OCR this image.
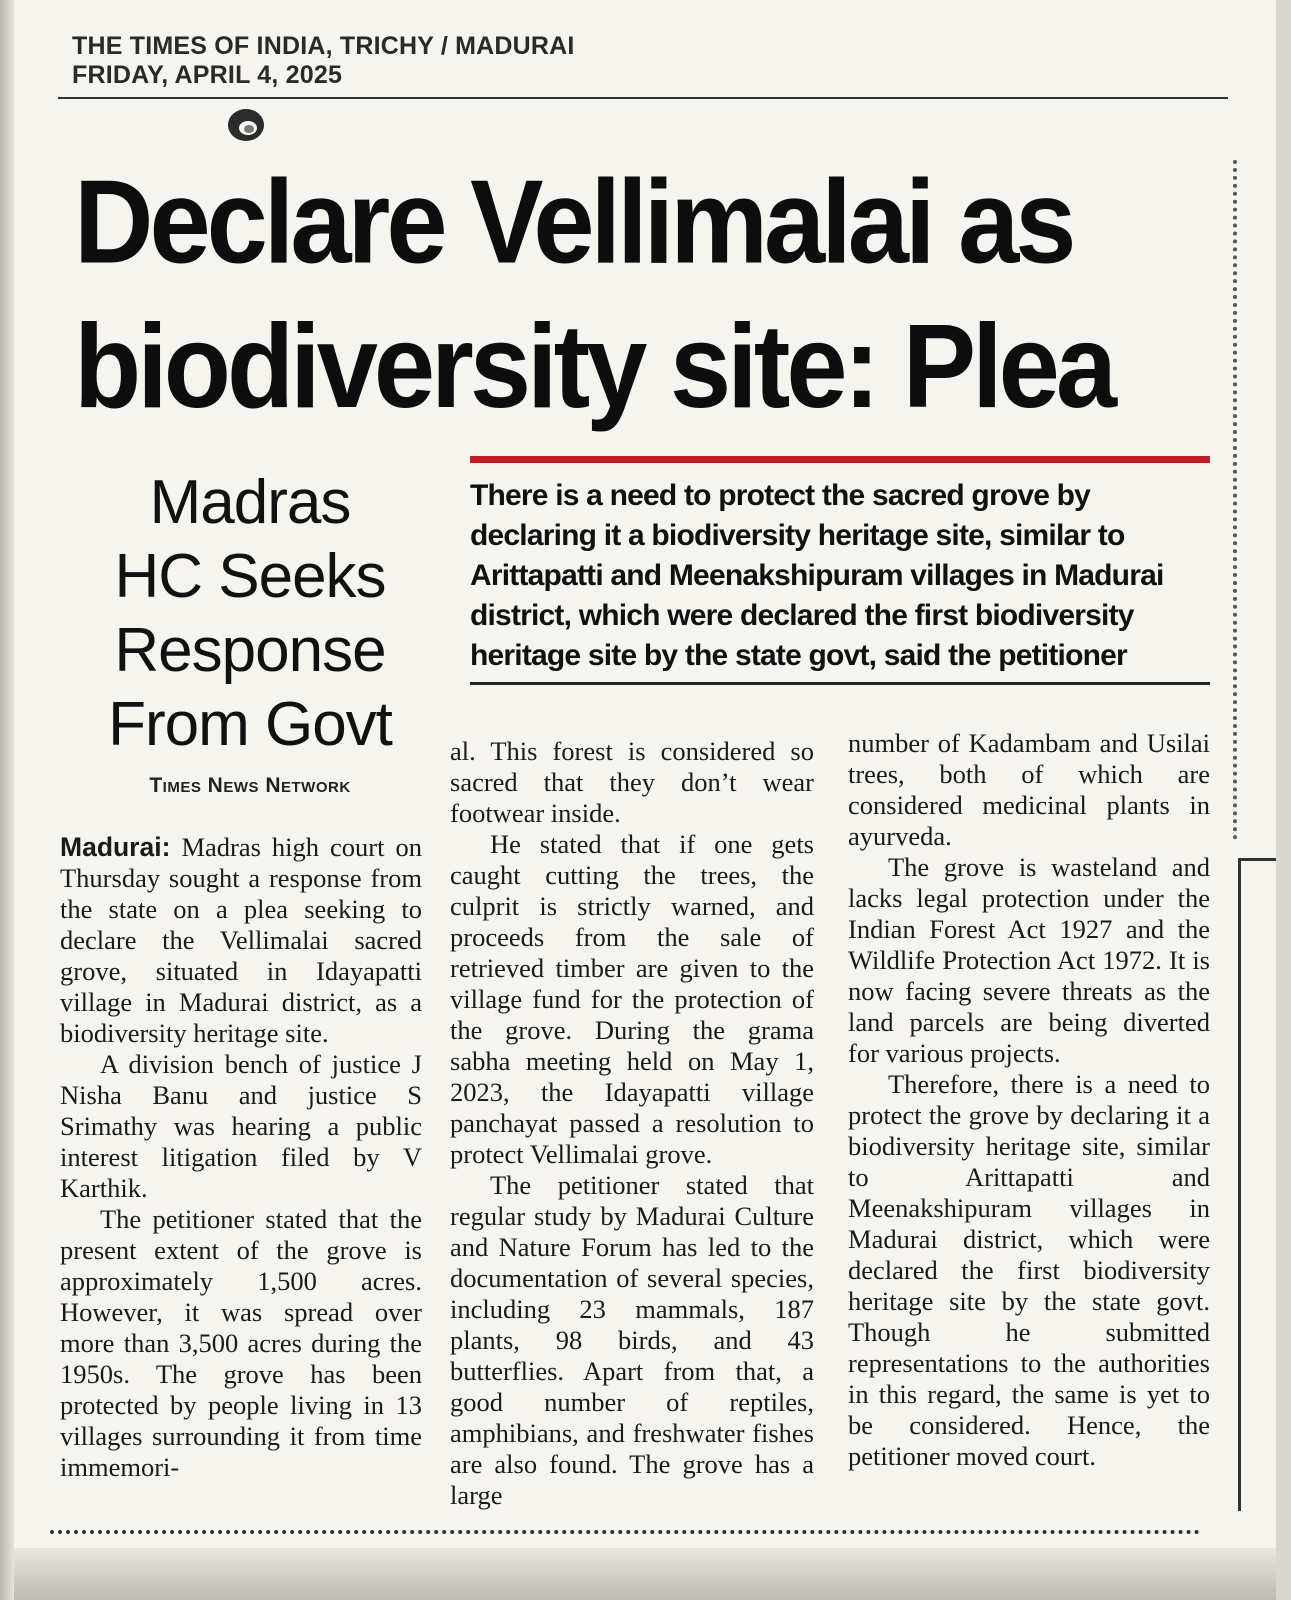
THE TIMES OF INDIA, TRICHY / MADURAI
FRIDAY, APRIL 4, 2025
Declare Vellimalai as
biodiversity site: Plea
Madras
HC Seeks
Response
From Govt
Times News Network
There is a need to protect the sacred grove by declaring it a biodiversity heritage site, similar to Arittapatti and Meenakshipuram villages in Madurai district, which were declared the first biodiversity heritage site by the state govt, said the petitioner

Madurai: Madras high court on Thursday sought a response from the state on a plea seeking to declare the Vellimalai sacred grove, situated in Idayapatti village in Madurai district, as a biodiversity heritage site.

A division bench of justice J Nisha Banu and justice S Srimathy was hearing a public interest litigation filed by V Karthik.

The petitioner stated that the present extent of the grove is approximately 1,500 acres. However, it was spread over more than 3,500 acres during the 1950s. The grove has been protected by people living in 13 villages surrounding it from time immemori-

al. This forest is considered so sacred that they don’t wear footwear inside.

He stated that if one gets caught cutting the trees, the culprit is strictly warned, and proceeds from the sale of retrieved timber are given to the village fund for the protection of the grove. During the grama sabha meeting held on May 1, 2023, the Idayapatti village panchayat passed a resolution to protect Vellimalai grove.

The petitioner stated that regular study by Madurai Culture and Nature Forum has led to the documentation of several species, including 23 mammals, 187 plants, 98 birds, and 43 butterflies. Apart from that, a good number of reptiles, amphibians, and freshwater fishes are also found. The grove has a large

number of Kadambam and Usilai trees, both of which are considered medicinal plants in ayurveda.

The grove is wasteland and lacks legal protection under the Indian Forest Act 1927 and the Wildlife Protection Act 1972. It is now facing severe threats as the land parcels are being diverted for various projects.

Therefore, there is a need to protect the grove by declaring it a biodiversity heritage site, similar to Arittapatti and Meenakshipuram villages in Madurai district, which were declared the first biodiversity heritage site by the state govt. Though he submitted representations to the authorities in this regard, the same is yet to be considered. Hence, the petitioner moved court.
